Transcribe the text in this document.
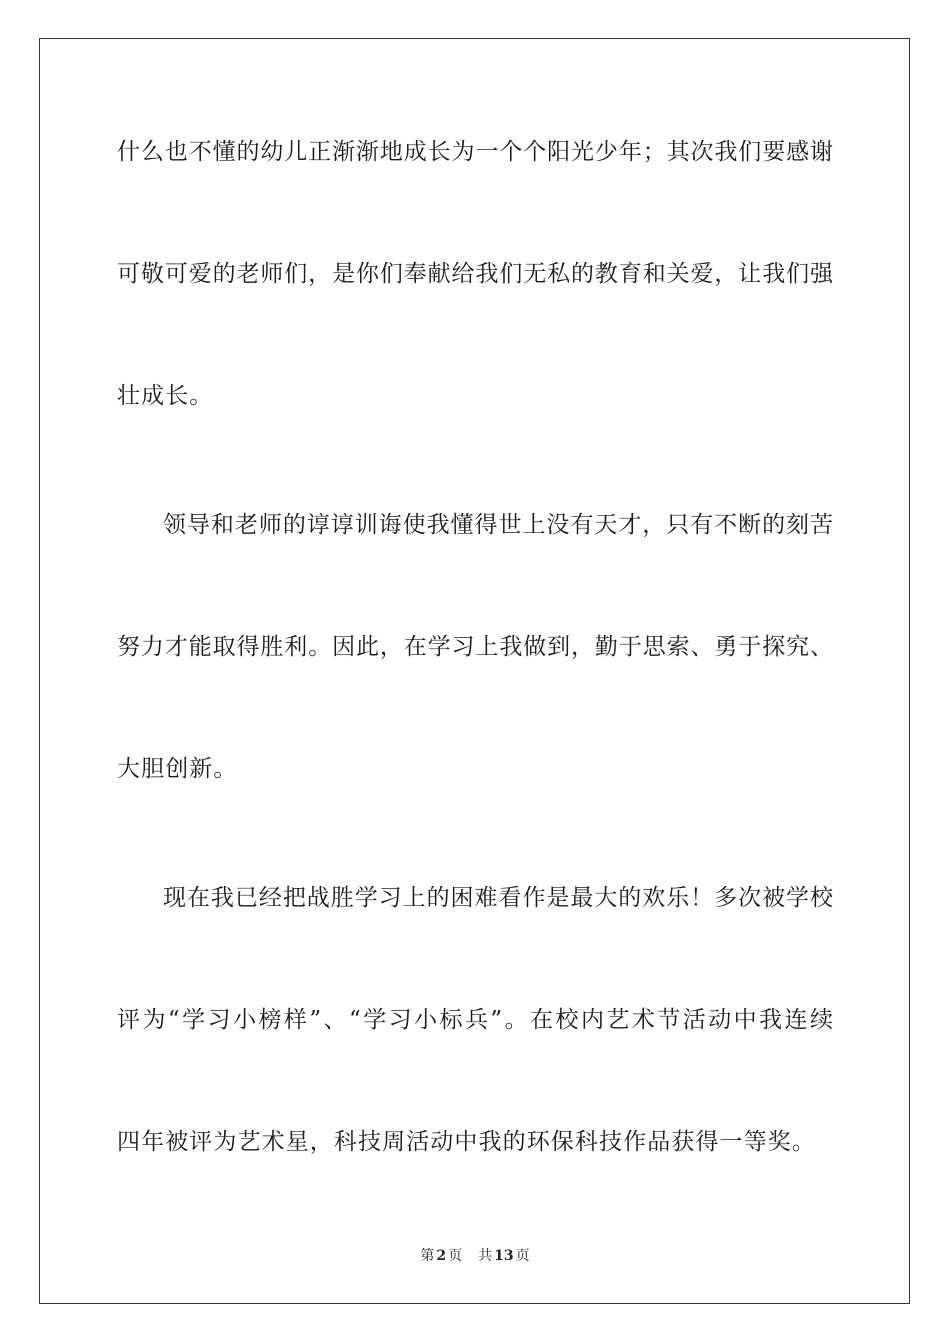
什么也不懂的幼儿正渐渐地成长为一个个阳光少年；其次我们要感谢
可敬可爱的老师们，是你们奉献给我们无私的教育和关爱，让我们强
壮成长。
领导和老师的谆谆训诲使我懂得世上没有天才，只有不断的刻苦
努力才能取得胜利。因此，在学习上我做到，勤于思索、勇于探究、
大胆创新。
现在我已经把战胜学习上的困难看作是最大的欢乐！多次被学校
评为“学习小榜样”、“学习小标兵”。在校内艺术节活动中我连续
四年被评为艺术星，科技周活动中我的环保科技作品获得一等奖。
第 2 页 共 13 页
